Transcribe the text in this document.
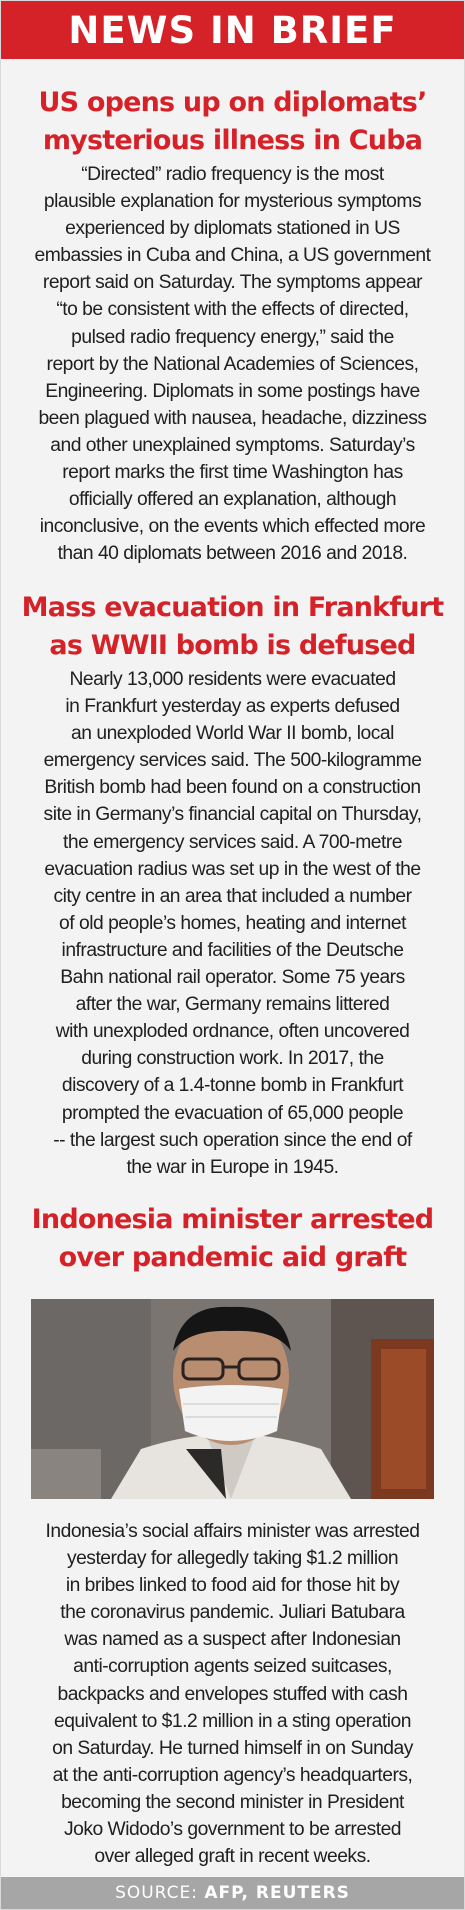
NEWS IN BRIEF
US opens up on diplomats’
mysterious illness in Cuba
“Directed” radio frequency is the most
plausible explanation for mysterious symptoms
experienced by diplomats stationed in US
embassies in Cuba and China, a US government
report said on Saturday. The symptoms appear
“to be consistent with the effects of directed,
pulsed radio frequency energy,” said the
report by the National Academies of Sciences,
Engineering. Diplomats in some postings have
been plagued with nausea, headache, dizziness
and other unexplained symptoms. Saturday’s
report marks the first time Washington has
officially offered an explanation, although
inconclusive, on the events which effected more
than 40 diplomats between 2016 and 2018.
Mass evacuation in Frankfurt
as WWII bomb is defused
Nearly 13,000 residents were evacuated
in Frankfurt yesterday as experts defused
an unexploded World War II bomb, local
emergency services said. The 500-kilogramme
British bomb had been found on a construction
site in Germany’s financial capital on Thursday,
the emergency services said. A 700-metre
evacuation radius was set up in the west of the
city centre in an area that included a number
of old people’s homes, heating and internet
infrastructure and facilities of the Deutsche
Bahn national rail operator. Some 75 years
after the war, Germany remains littered
with unexploded ordnance, often uncovered
during construction work. In 2017, the
discovery of a 1.4-tonne bomb in Frankfurt
prompted the evacuation of 65,000 people
-- the largest such operation since the end of
the war in Europe in 1945.
Indonesia minister arrested
over pandemic aid graft
Indonesia’s social affairs minister was arrested
yesterday for allegedly taking $1.2 million
in bribes linked to food aid for those hit by
the coronavirus pandemic. Juliari Batubara
was named as a suspect after Indonesian
anti-corruption agents seized suitcases,
backpacks and envelopes stuffed with cash
equivalent to $1.2 million in a sting operation
on Saturday. He turned himself in on Sunday
at the anti-corruption agency’s headquarters,
becoming the second minister in President
Joko Widodo’s government to be arrested
over alleged graft in recent weeks.
SOURCE:
AFP, REUTERS
